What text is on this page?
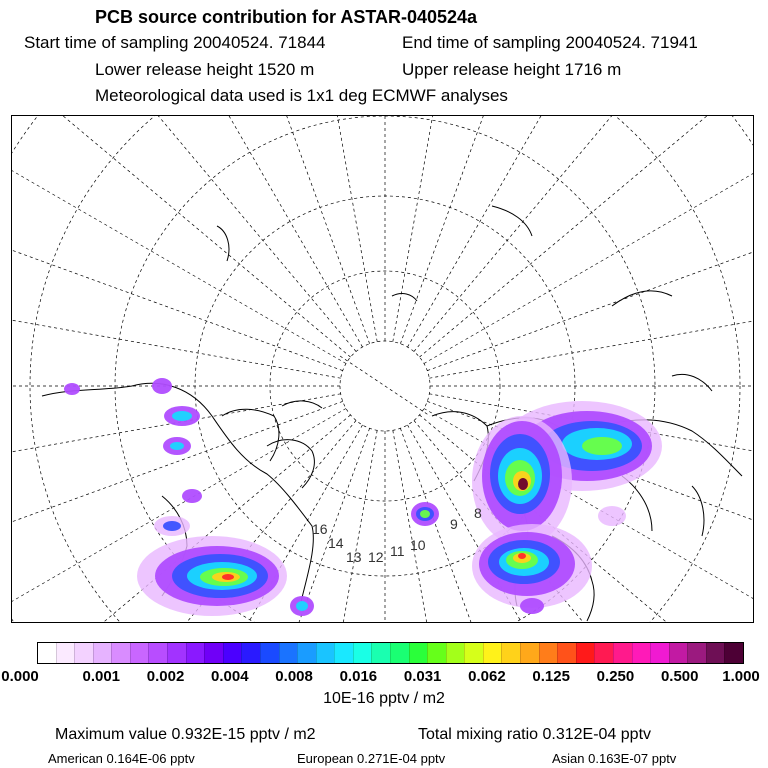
PCB source contribution for ASTAR-040524a
Start time of sampling 20040524. 71844	End time of sampling 20040524. 71941
Lower release height 1520 m	Upper release height 1716 m
Meteorological data used is 1x1 deg ECMWF analyses
16
14
13 12 11 10
9
8
0.000	0.001 0.002 0.004 0.008 0.016 0.031 0.062 0.125 0.250 0.500 1.000
10E-16 pptv / m2
Maximum value 0.932E-15 pptv / m2	Total mixing ratio 0.312E-04 pptv
American 0.164E-06 pptv	European 0.271E-04 pptv	Asian 0.163E-07 pptv
